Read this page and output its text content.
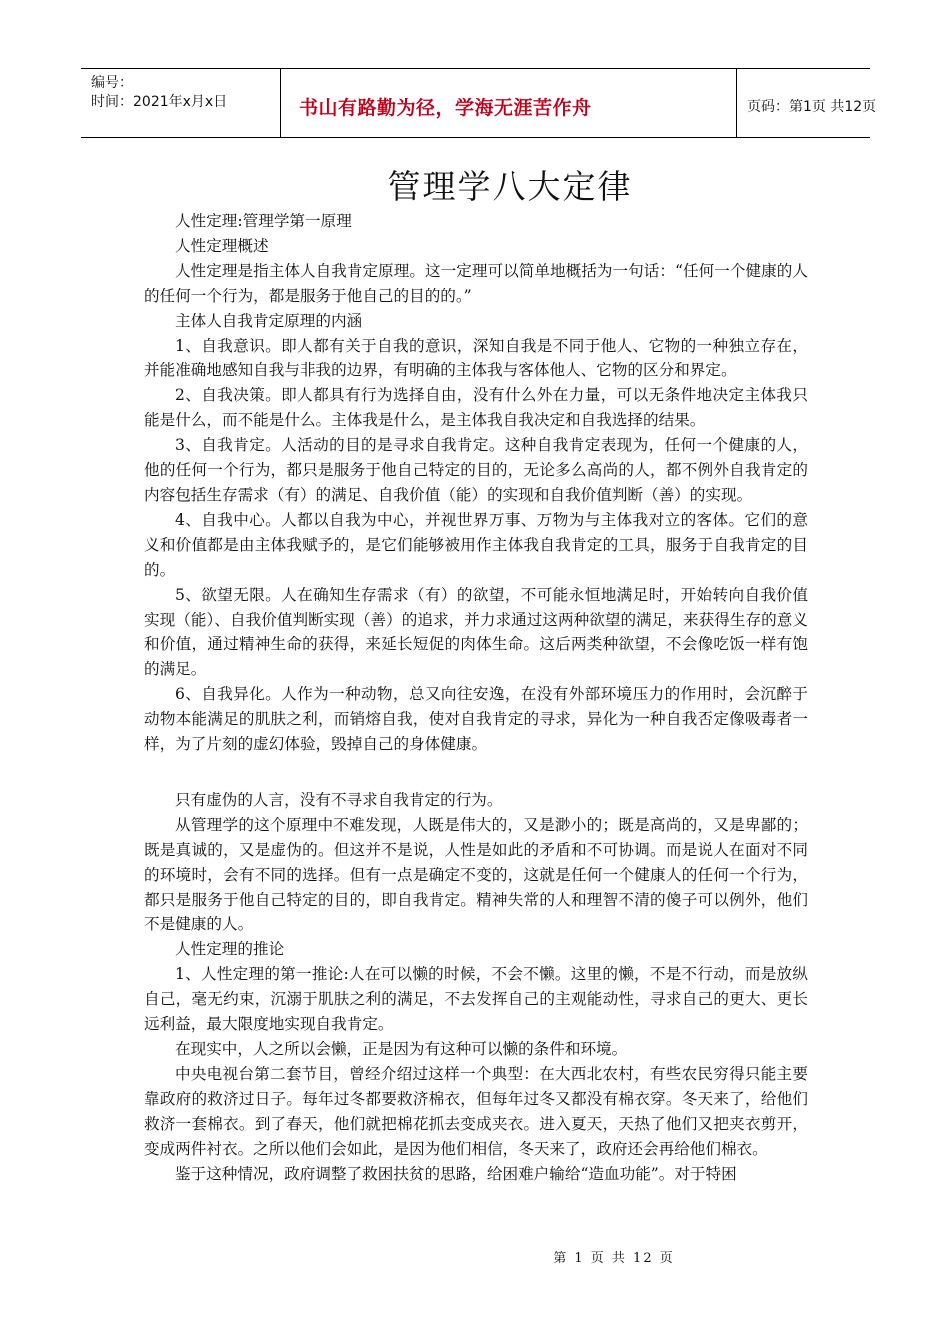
编号：
时间：2021年x月x日	书山有路勤为径，学海无涯苦作舟	页码：第1页 共12页
管理学八大定律

人性定理:管理学第一原理

人性定理概述

人性定理是指主体人自我肯定原理。这一定理可以简单地概括为一句话：“任何一个健康的人的任何一个行为，都是服务于他自己的目的的。”

主体人自我肯定原理的内涵

1、自我意识。即人都有关于自我的意识，深知自我是不同于他人、它物的一种独立存在，并能准确地感知自我与非我的边界，有明确的主体我与客体他人、它物的区分和界定。

2、自我决策。即人都具有行为选择自由，没有什么外在力量，可以无条件地决定主体我只能是什么，而不能是什么。主体我是什么，是主体我自我决定和自我选择的结果。

3、自我肯定。人活动的目的是寻求自我肯定。这种自我肯定表现为，任何一个健康的人，他的任何一个行为，都只是服务于他自己特定的目的，无论多么高尚的人，都不例外自我肯定的内容包括生存需求（有）的满足、自我价值（能）的实现和自我价值判断（善）的实现。

4、自我中心。人都以自我为中心，并视世界万事、万物为与主体我对立的客体。它们的意义和价值都是由主体我赋予的，是它们能够被用作主体我自我肯定的工具，服务于自我肯定的目的。

5、欲望无限。人在确知生存需求（有）的欲望，不可能永恒地满足时，开始转向自我价值实现（能）、自我价值判断实现（善）的追求，并力求通过这两种欲望的满足，来获得生存的意义和价值，通过精神生命的获得，来延长短促的肉体生命。这后两类种欲望，不会像吃饭一样有饱的满足。

6、自我异化。人作为一种动物，总又向往安逸，在没有外部环境压力的作用时，会沉醉于动物本能满足的肌肤之利，而销熔自我，使对自我肯定的寻求，异化为一种自我否定像吸毒者一样，为了片刻的虚幻体验，毁掉自己的身体健康。

只有虚伪的人言，没有不寻求自我肯定的行为。

从管理学的这个原理中不难发现，人既是伟大的，又是渺小的；既是高尚的，又是卑鄙的；既是真诚的，又是虚伪的。但这并不是说，人性是如此的矛盾和不可协调。而是说人在面对不同的环境时，会有不同的选择。但有一点是确定不变的，这就是任何一个健康人的任何一个行为，都只是服务于他自己特定的目的，即自我肯定。精神失常的人和理智不清的傻子可以例外，他们不是健康的人。

人性定理的推论

1、人性定理的第一推论:人在可以懒的时候，不会不懒。这里的懒，不是不行动，而是放纵自己，毫无约束，沉溺于肌肤之利的满足，不去发挥自己的主观能动性，寻求自己的更大、更长远利益，最大限度地实现自我肯定。

在现实中，人之所以会懒，正是因为有这种可以懒的条件和环境。

中央电视台第二套节目，曾经介绍过这样一个典型：在大西北农村，有些农民穷得只能主要靠政府的救济过日子。每年过冬都要救济棉衣，但每年过冬又都没有棉衣穿。冬天来了，给他们救济一套棉衣。到了春天，他们就把棉花抓去变成夹衣。进入夏天，天热了他们又把夹衣剪开，变成两件衬衣。之所以他们会如此，是因为他们相信，冬天来了，政府还会再给他们棉衣。

鉴于这种情况，政府调整了救困扶贫的思路，给困难户输给“造血功能”。对于特困

第 1 页 共 12 页
